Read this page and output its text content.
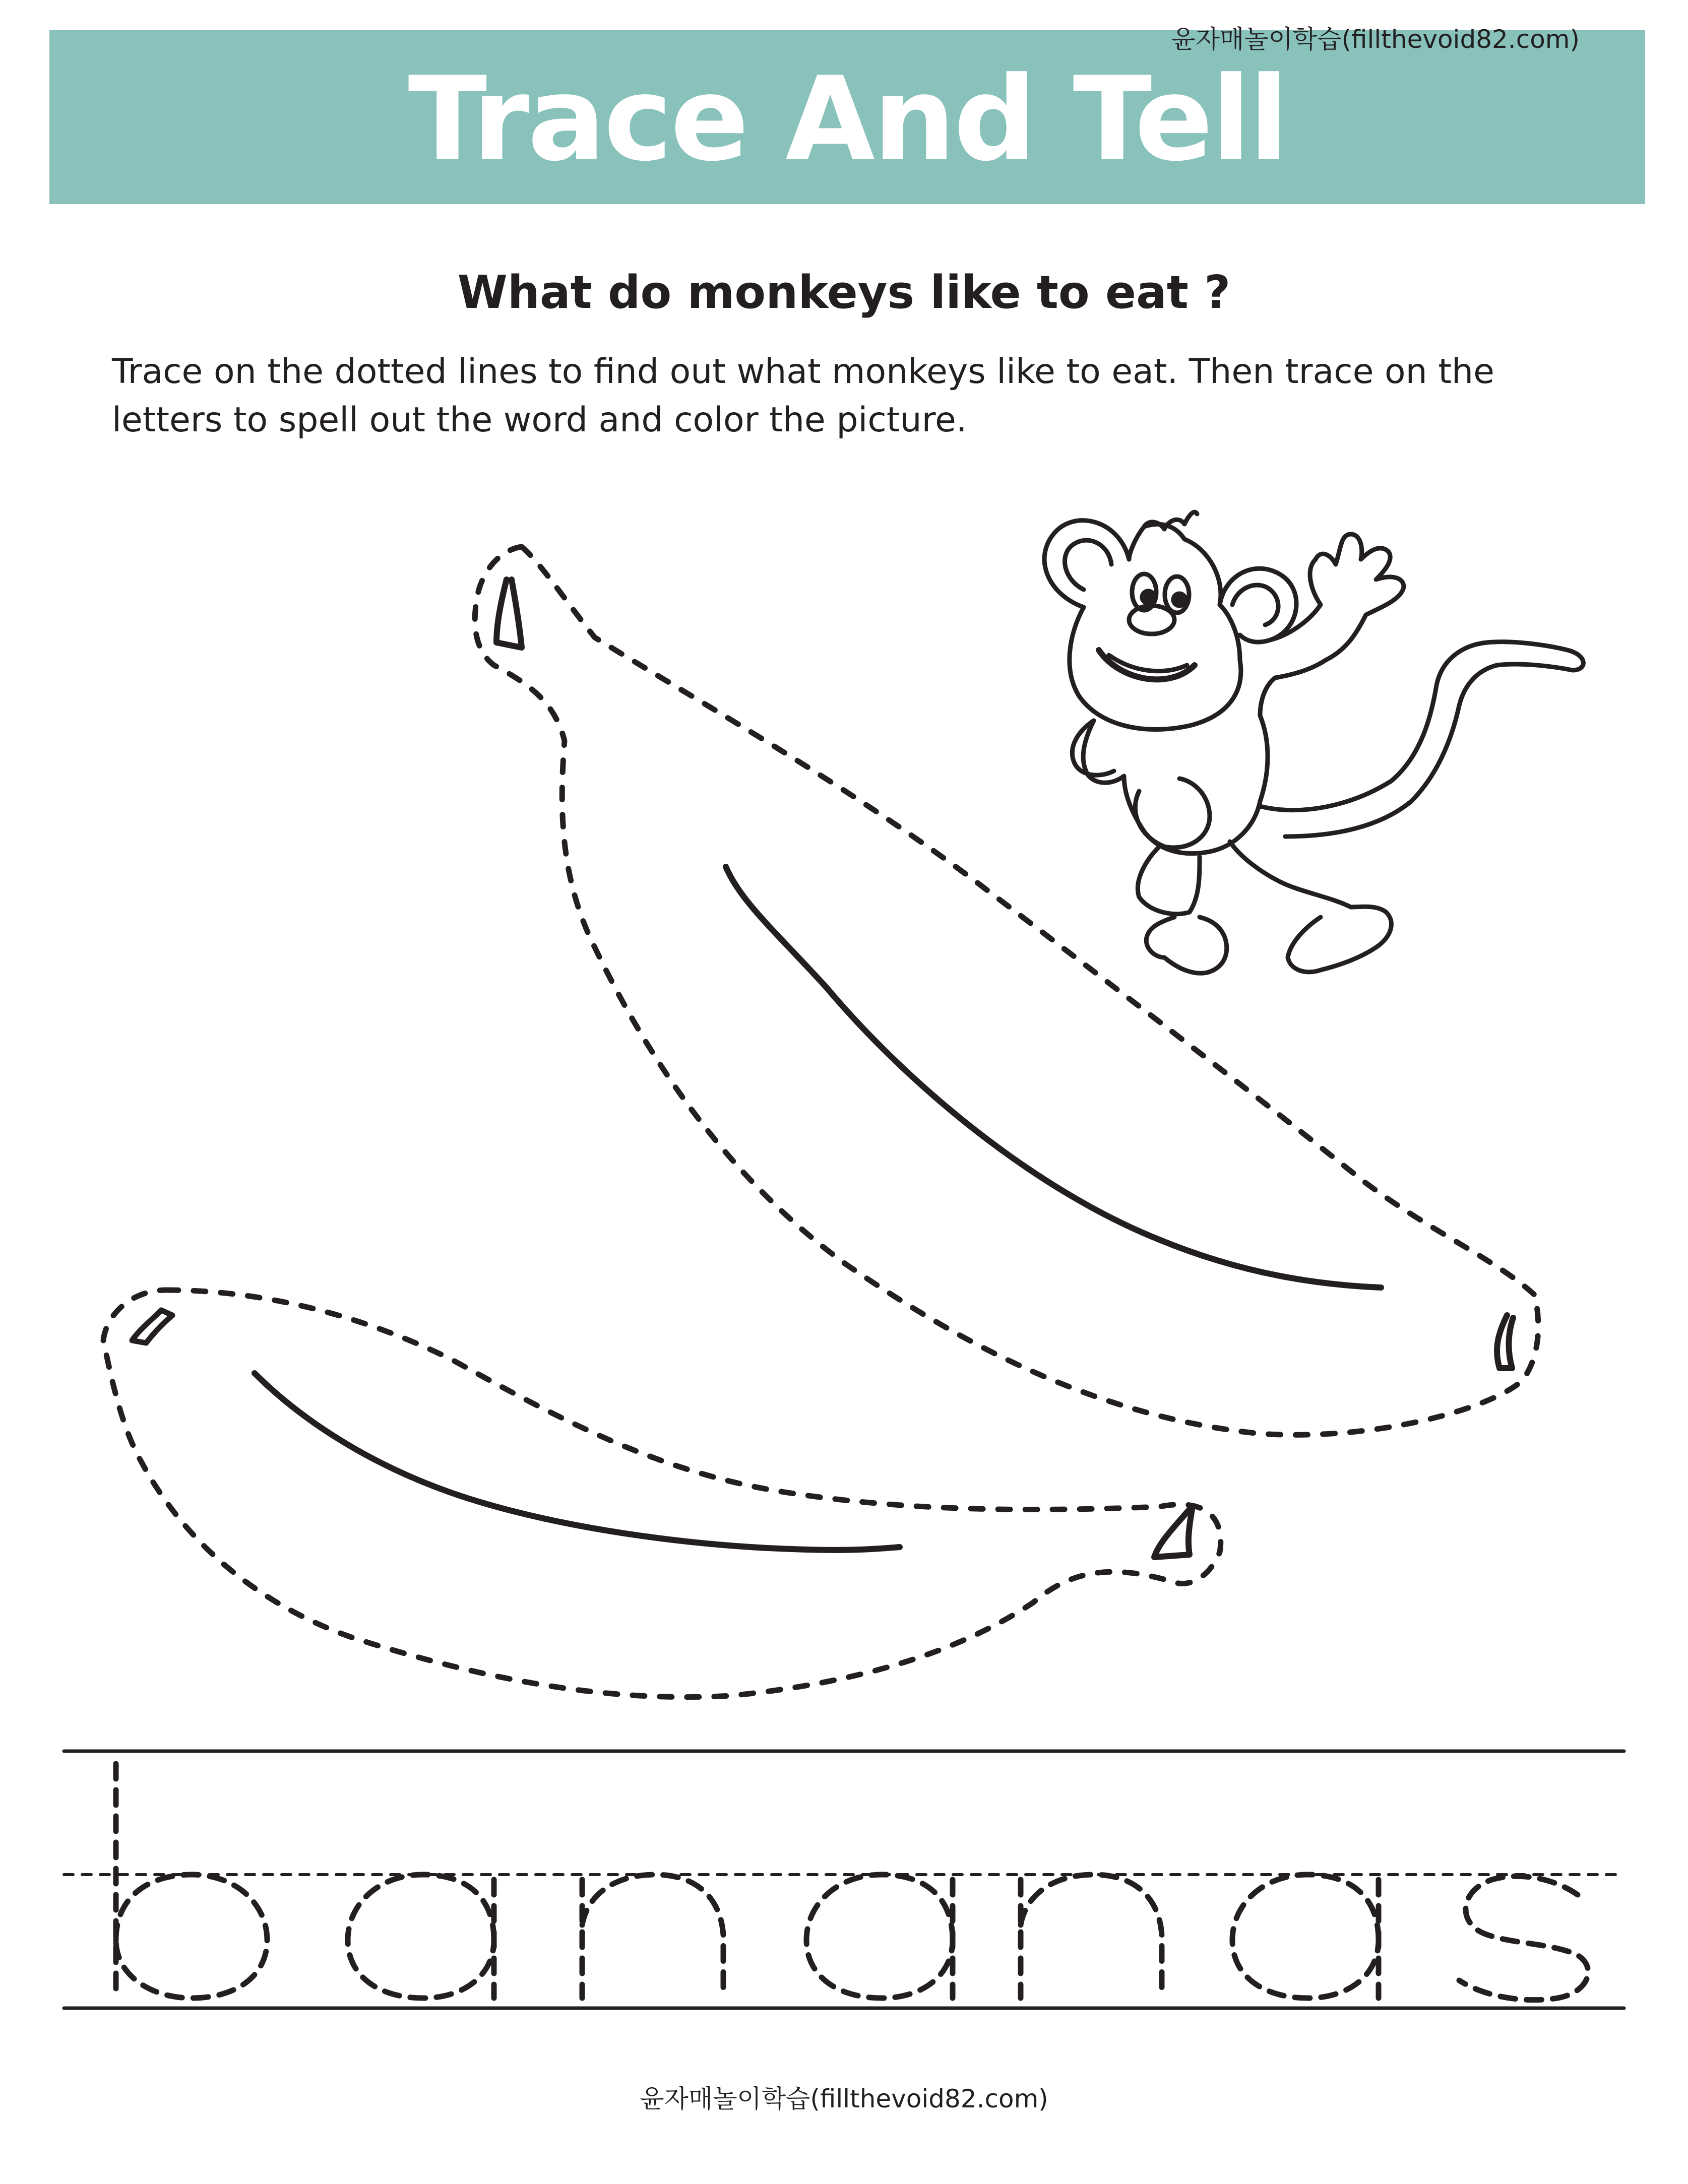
윤자매놀이학습(fillthevoid82.com)
Trace And Tell
What do monkeys like to eat ?
Trace on the dotted lines to find out what monkeys like to eat. Then trace on the letters to spell out the word and color the picture.
윤자매놀이학습(fillthevoid82.com)
